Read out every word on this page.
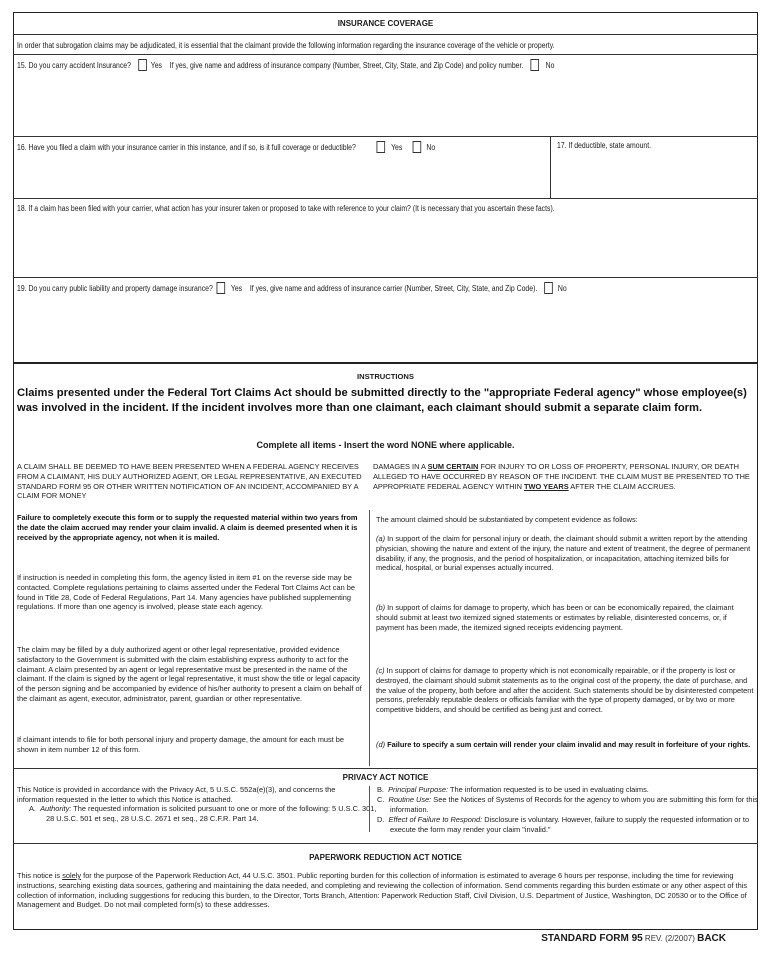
INSURANCE COVERAGE
In order that subrogation claims may be adjudicated, it is essential that the claimant provide the following information regarding the insurance coverage of the vehicle or property.
15. Do you carry accident Insurance? Yes If yes, give name and address of insurance company (Number, Street, City, State, and Zip Code) and policy number.	No
16. Have you filed a claim with your insurance carrier in this instance, and if so, is it full coverage or deductible?	Yes	No	17. If deductible, state amount.
18. If a claim has been filed with your carrier, what action has your insurer taken or proposed to take with reference to your claim? (It is necessary that you ascertain these facts).
19. Do you carry public liability and property damage insurance? Yes If yes, give name and address of insurance carrier (Number, Street, City, State, and Zip Code).	No
INSTRUCTIONS
Claims presented under the Federal Tort Claims Act should be submitted directly to the "appropriate Federal agency" whose employee(s) was involved in the incident. If the incident involves more than one claimant, each claimant should submit a separate claim form.
Complete all items - Insert the word NONE where applicable.
A CLAIM SHALL BE DEEMED TO HAVE BEEN PRESENTED WHEN A FEDERAL AGENCY RECEIVES FROM A CLAIMANT, HIS DULY AUTHORIZED AGENT, OR LEGAL REPRESENTATIVE, AN EXECUTED STANDARD FORM 95 OR OTHER WRITTEN NOTIFICATION OF AN INCIDENT, ACCOMPANIED BY A CLAIM FOR MONEY
DAMAGES IN A SUM CERTAIN FOR INJURY TO OR LOSS OF PROPERTY, PERSONAL INJURY, OR DEATH ALLEGED TO HAVE OCCURRED BY REASON OF THE INCIDENT. THE CLAIM MUST BE PRESENTED TO THE APPROPRIATE FEDERAL AGENCY WITHIN TWO YEARS AFTER THE CLAIM ACCRUES.
Failure to completely execute this form or to supply the requested material within two years from the date the claim accrued may render your claim invalid. A claim is deemed presented when it is received by the appropriate agency, not when it is mailed.
If instruction is needed in completing this form, the agency listed in item #1 on the reverse side may be contacted. Complete regulations pertaining to claims asserted under the Federal Tort Claims Act can be found in Title 28, Code of Federal Regulations, Part 14. Many agencies have published supplementing regulations. If more than one agency is involved, please state each agency.
The claim may be filled by a duly authorized agent or other legal representative, provided evidence satisfactory to the Government is submitted with the claim establishing express authority to act for the claimant. A claim presented by an agent or legal representative must be presented in the name of the claimant. If the claim is signed by the agent or legal representative, it must show the title or legal capacity of the person signing and be accompanied by evidence of his/her authority to present a claim on behalf of the claimant as agent, executor, administrator, parent, guardian or other representative.
If claimant intends to file for both personal injury and property damage, the amount for each must be shown in item number 12 of this form.
The amount claimed should be substantiated by competent evidence as follows:
(a) In support of the claim for personal injury or death, the claimant should submit a written report by the attending physician, showing the nature and extent of the injury, the nature and extent of treatment, the degree of permanent disability, if any, the prognosis, and the period of hospitalization, or incapacitation, attaching itemized bills for medical, hospital, or burial expenses actually incurred.
(b) In support of claims for damage to property, which has been or can be economically repaired, the claimant should submit at least two itemized signed statements or estimates by reliable, disinterested concerns, or, if payment has been made, the itemized signed receipts evidencing payment.
(c) In support of claims for damage to property which is not economically repairable, or if the property is lost or destroyed, the claimant should submit statements as to the original cost of the property, the date of purchase, and the value of the property, both before and after the accident. Such statements should be by disinterested competent persons, preferably reputable dealers or officials familiar with the type of property damaged, or by two or more competitive bidders, and should be certified as being just and correct.
(d) Failure to specify a sum certain will render your claim invalid and may result in forfeiture of your rights.
PRIVACY ACT NOTICE
This Notice is provided in accordance with the Privacy Act, 5 U.S.C. 552a(e)(3), and concerns the information requested in the letter to which this Notice is attached.
A. Authority: The requested information is solicited pursuant to one or more of the following: 5 U.S.C. 301, 28 U.S.C. 501 et seq., 28 U.S.C. 2671 et seq., 28 C.F.R. Part 14.
B. Principal Purpose: The information requested is to be used in evaluating claims.
C. Routine Use: See the Notices of Systems of Records for the agency to whom you are submitting this form for this information.
D. Effect of Failure to Respond: Disclosure is voluntary. However, failure to supply the requested information or to execute the form may render your claim "invalid."
PAPERWORK REDUCTION ACT NOTICE
This notice is solely for the purpose of the Paperwork Reduction Act, 44 U.S.C. 3501. Public reporting burden for this collection of information is estimated to average 6 hours per response, including the time for reviewing instructions, searching existing data sources, gathering and maintaining the data needed, and completing and reviewing the collection of information. Send comments regarding this burden estimate or any other aspect of this collection of information, including suggestions for reducing this burden, to the Director, Torts Branch, Attention: Paperwork Reduction Staff, Civil Division, U.S. Department of Justice, Washington, DC 20530 or to the Office of Management and Budget. Do not mail completed form(s) to these addresses.
STANDARD FORM 95 REV. (2/2007) BACK
